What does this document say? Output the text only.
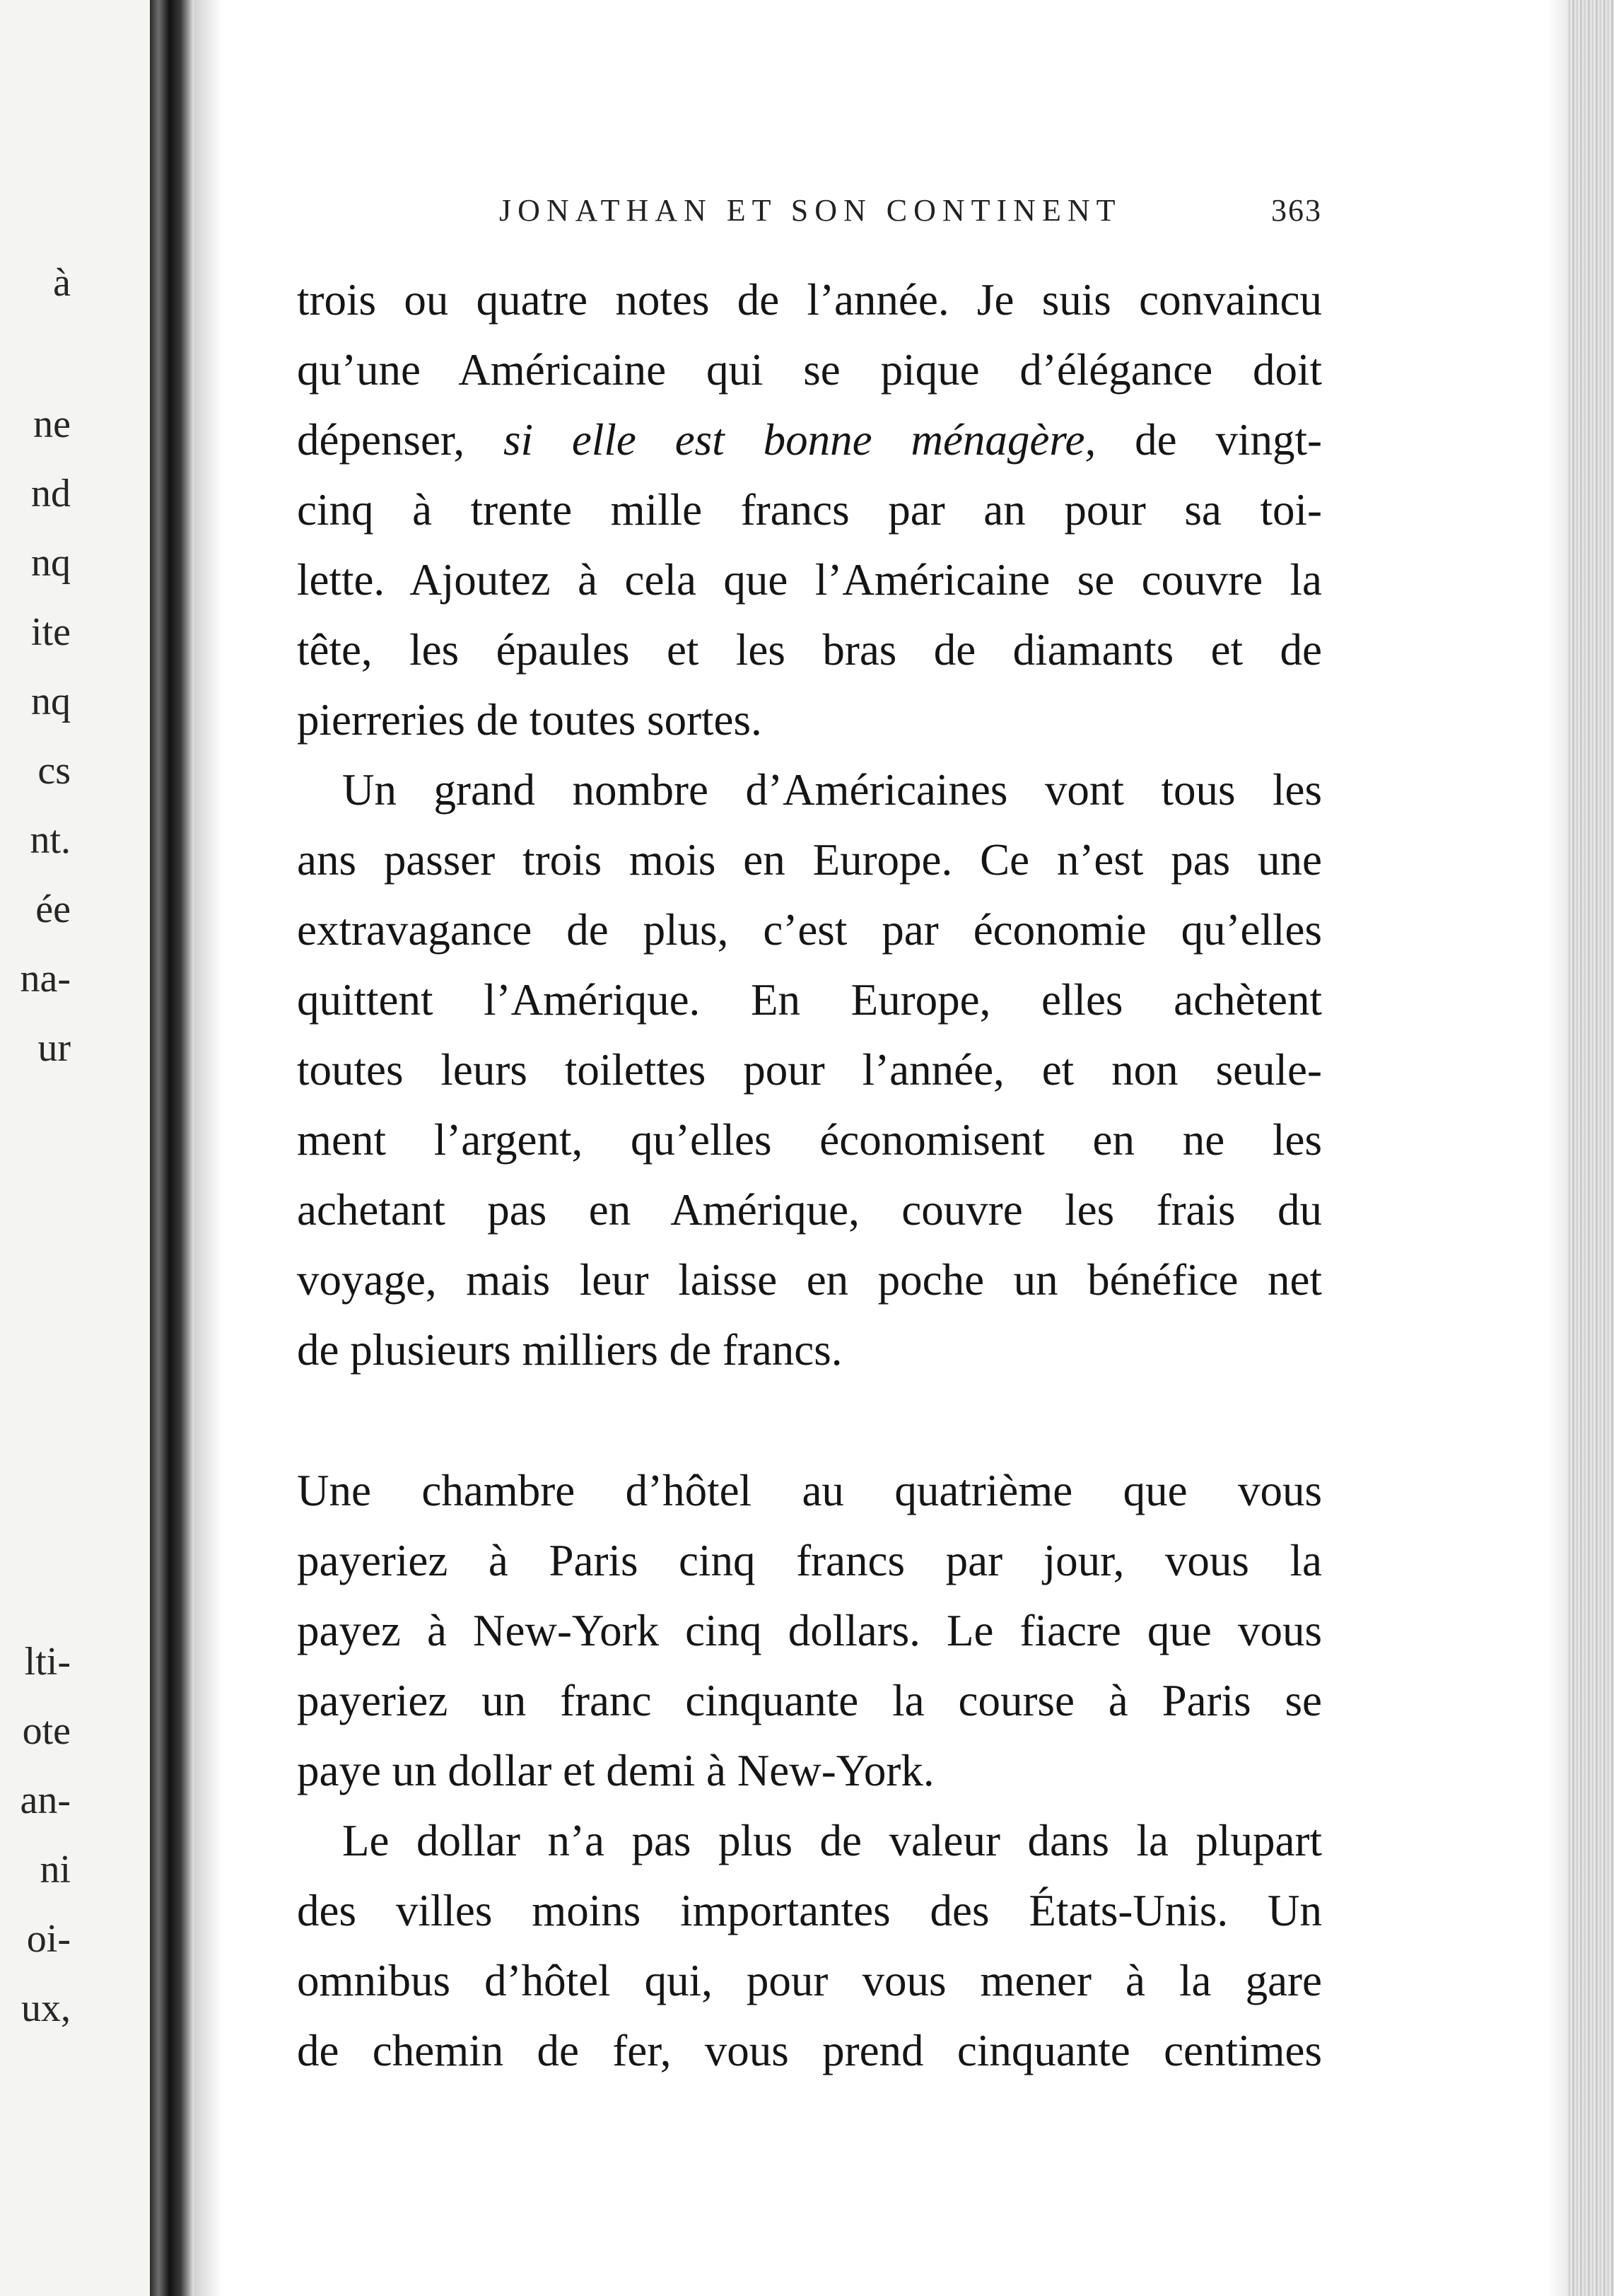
à
ne
nd
nq
ite
nq
cs
nt.
ée
na-
ur
lti-
ote
an-
ni
oi-
ux,
JONATHAN ET SON CONTINENT	363
trois ou quatre notes de l’année. Je suis convaincu
qu’une Américaine qui se pique d’élégance doit
dépenser, si elle est bonne ménagère, de vingt-
cinq à trente mille francs par an pour sa toi-
lette. Ajoutez à cela que l’Américaine se couvre la
tête, les épaules et les bras de diamants et de
pierreries de toutes sortes.
Un grand nombre d’Américaines vont tous les
ans passer trois mois en Europe. Ce n’est pas une
extravagance de plus, c’est par économie qu’elles
quittent l’Amérique. En Europe, elles achètent
toutes leurs toilettes pour l’année, et non seule-
ment l’argent, qu’elles économisent en ne les
achetant pas en Amérique, couvre les frais du
voyage, mais leur laisse en poche un bénéfice net
de plusieurs milliers de francs.
Une chambre d’hôtel au quatrième que vous
payeriez à Paris cinq francs par jour, vous la
payez à New-York cinq dollars. Le fiacre que vous
payeriez un franc cinquante la course à Paris se
paye un dollar et demi à New-York.
Le dollar n’a pas plus de valeur dans la plupart
des villes moins importantes des États-Unis. Un
omnibus d’hôtel qui, pour vous mener à la gare
de chemin de fer, vous prend cinquante centimes
